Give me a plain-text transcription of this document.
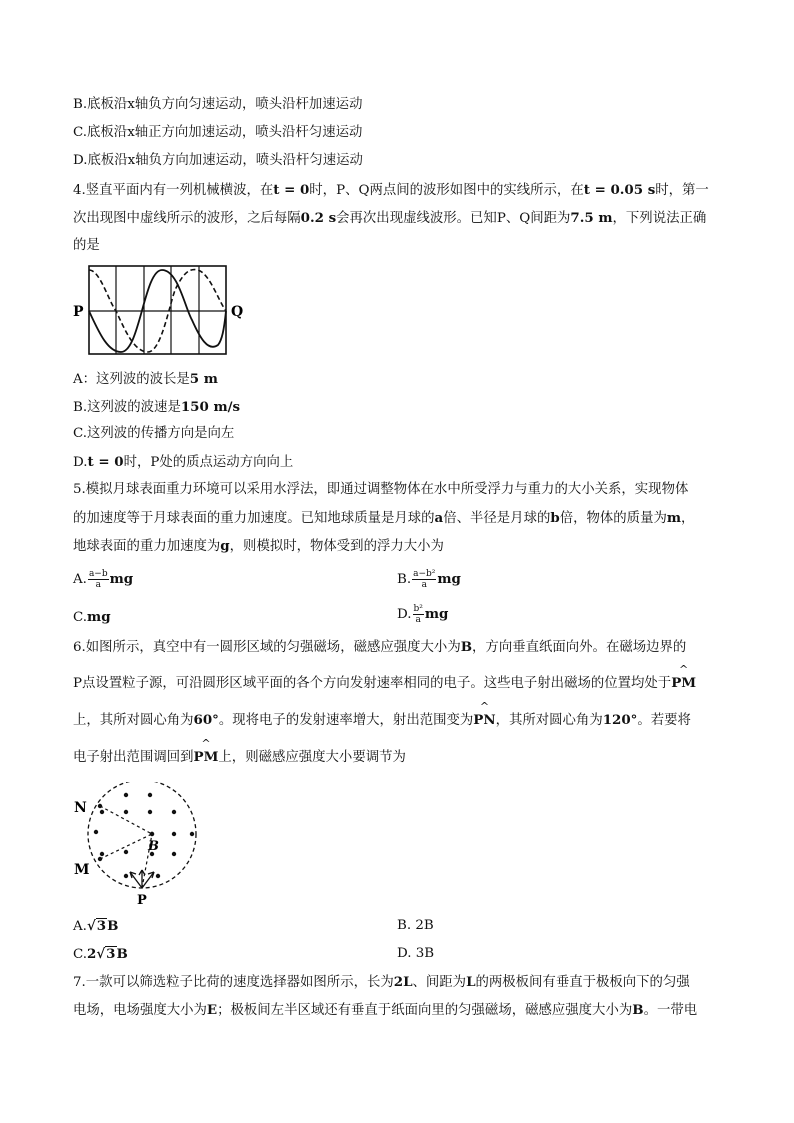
B.底板沿x轴负方向匀速运动，喷头沿杆加速运动
C.底板沿x轴正方向加速运动，喷头沿杆匀速运动
D.底板沿x轴负方向加速运动，喷头沿杆匀速运动
4.竖直平面内有一列机械横波，在t = 0时，P、Q两点间的波形如图中的实线所示，在t = 0.05 s时，第一
次出现图中虚线所示的波形，之后每隔0.2 s会再次出现虚线波形。已知P、Q间距为7.5 m，下列说法正确
的是
P	Q
A：这列波的波长是5 m
B.这列波的波速是150 m/s
C.这列波的传播方向是向左
D.t = 0时，P处的质点运动方向向上
5.模拟月球表面重力环境可以采用水浮法，即通过调整物体在水中所受浮力与重力的大小关系，实现物体
的加速度等于月球表面的重力加速度。已知地球质量是月球的a倍、半径是月球的b倍，物体的质量为m，
地球表面的重力加速度为g，则模拟时，物体受到的浮力大小为
A. $\frac{a-b}{a}$ mg	B. $\frac{\text{a−b²}}{a}$ mg
C.mg	D. $\frac{\text{b²}}{a}$ mg
6.如图所示，真空中有一圆形区域的匀强磁场，磁感应强度大小为B，方向垂直纸面向外。在磁场边界的
P点设置粒子源，可沿圆形区域平面的各个方向发射速率相同的电子。这些电子射出磁场的位置均处于
^
PM
上，其所对圆心角为60°。现将电子的发射速率增大，射出范围变为
^
PN，其所对圆心角为120°。若要将
电子射出范围调回到
^
PM上，则磁感应强度大小要调节为
N
M
B
P
A.√3B	B. 2B
C.2√3B	D. 3B
7.一款可以筛选粒子比荷的速度选择器如图所示，长为2L、间距为L的两极板间有垂直于极板向下的匀强
电场，电场强度大小为E；极板间左半区域还有垂直于纸面向里的匀强磁场，磁感应强度大小为B。一带电
